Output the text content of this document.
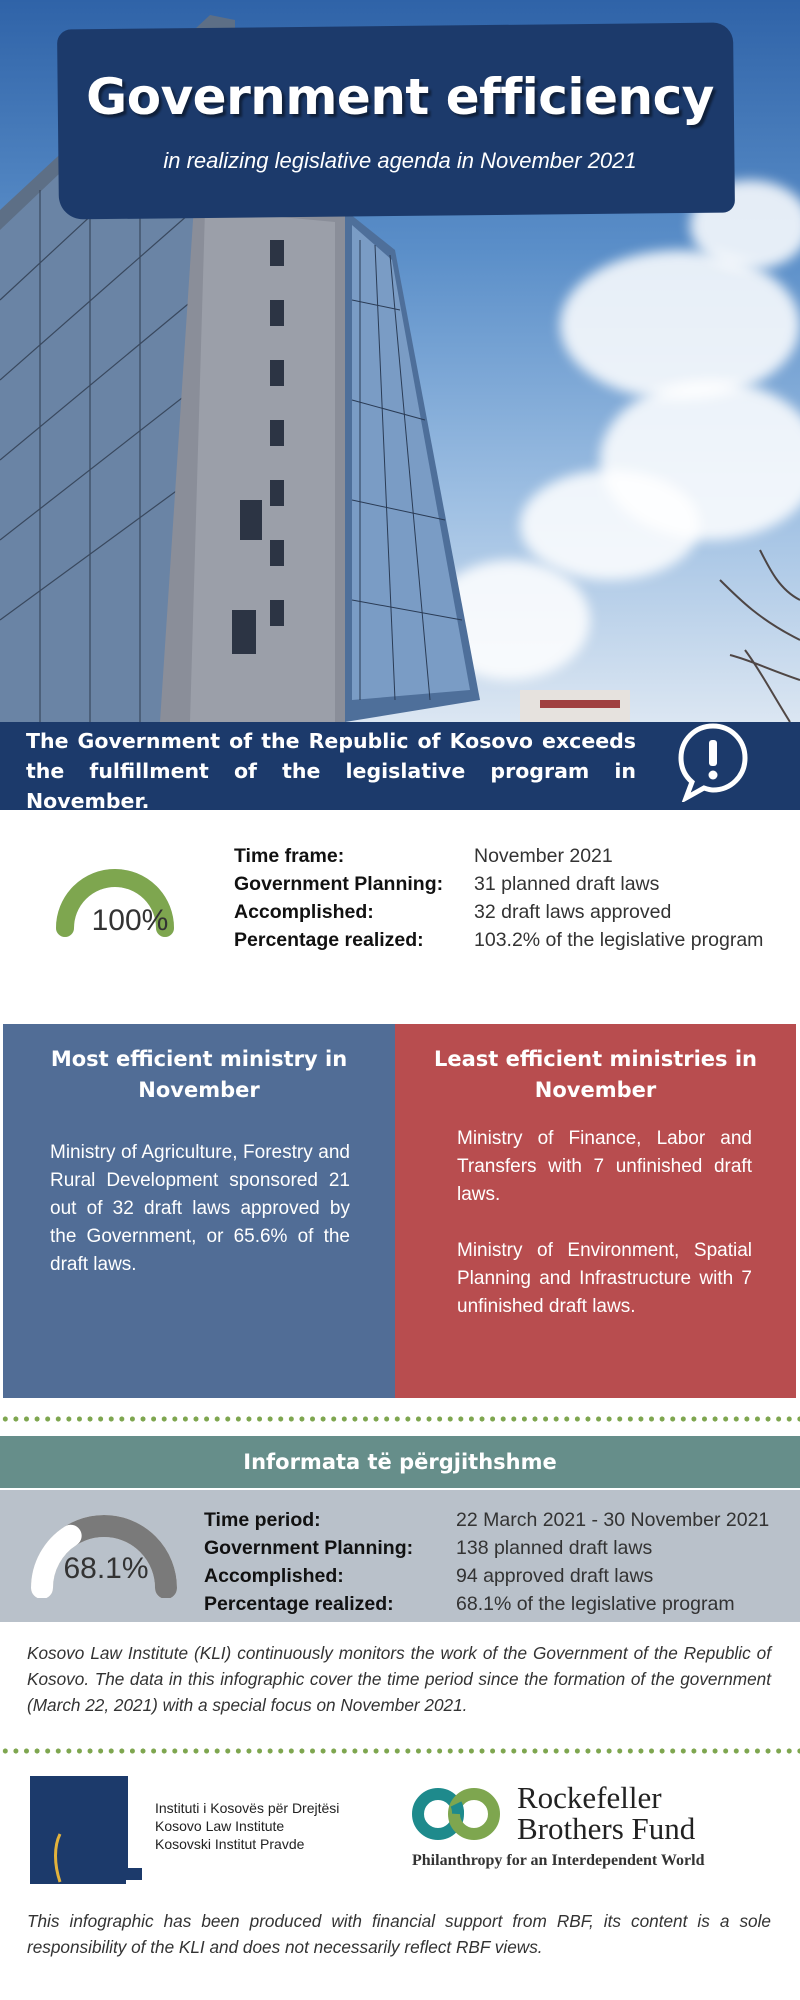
Government efficiency
in realizing legislative agenda in November 2021
The Government of the Republic of Kosovo exceeds the fulfillment of the legislative program in November.
100%
Time frame:	November 2021
Government Planning:	31 planned draft laws
Accomplished:	32 draft laws approved
Percentage realized:	103.2% of the legislative program
Most efficient ministry in
November
Ministry of Agriculture, Forestry and Rural Development sponsored 21 out of 32 draft laws approved by the Government, or 65.6% of the draft laws.
Least efficient ministries in
November
Ministry of Finance, Labor and Transfers with 7 unfinished draft laws.
Ministry of Environment, Spatial Planning and Infrastructure with 7 unfinished draft laws.
Informata të përgjithshme
68.1%
Time period:	22 March 2021 - 30 November 2021
Government Planning:	138 planned draft laws
Accomplished:	94 approved draft laws
Percentage realized:	68.1% of the legislative program
Kosovo Law Institute (KLI) continuously monitors the work of the Government of the Republic of Kosovo. The data in this infographic cover the time period since the formation of the government (March 22, 2021) with a special focus on November 2021.
Instituti i Kosovës për Drejtësi
Kosovo Law Institute
Kosovski Institut Pravde
Rockefeller
Brothers Fund
Philanthropy for an Interdependent World
This infographic has been produced with financial support from RBF, its content is a sole responsibility of the KLI and does not necessarily reflect RBF views.
